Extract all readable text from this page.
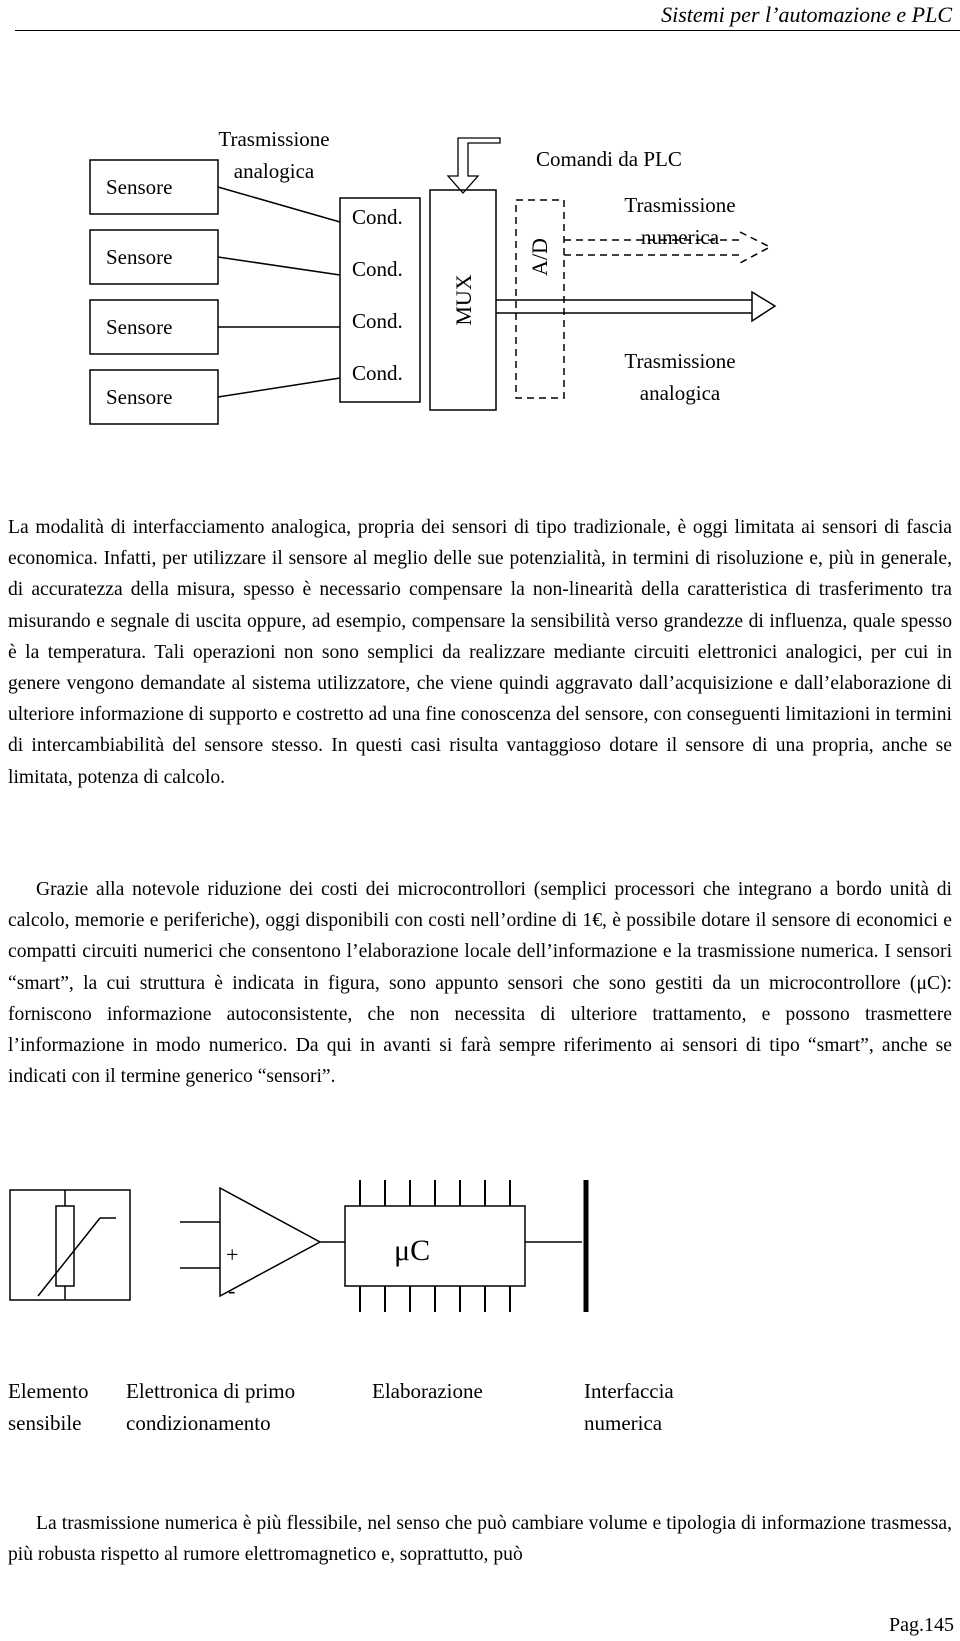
Sistemi per l’automazione e PLC
Sensore
Sensore
Sensore
Sensore
Trasmissione
analogica
Cond.
Cond.
Cond.
Cond.
MUX
A/D
Comandi da PLC
Trasmissione
numerica
Trasmissione
analogica

La modalità di interfacciamento analogica, propria dei sensori di tipo tradizionale, è oggi limitata ai sensori di fascia economica. Infatti, per utilizzare il sensore al meglio delle sue potenzialità, in termini di risoluzione e, più in generale, di accuratezza della misura, spesso è necessario compensare la non-linearità della caratteristica di trasferimento tra misurando e segnale di uscita oppure, ad esempio, compensare la sensibilità verso grandezze di influenza, quale spesso è la temperatura. Tali operazioni non sono semplici da realizzare mediante circuiti elettronici analogici, per cui in genere vengono demandate al sistema utilizzatore, che viene quindi aggravato dall’acquisizione e dall’elaborazione di ulteriore informazione di supporto e costretto ad una fine conoscenza del sensore, con conseguenti limitazioni in termini di intercambiabilità del sensore stesso. In questi casi risulta vantaggioso dotare il sensore di una propria, anche se limitata, potenza di calcolo.

Grazie alla notevole riduzione dei costi dei microcontrollori (semplici processori che integrano a bordo unità di calcolo, memorie e periferiche), oggi disponibili con costi nell’ordine di 1€, è possibile dotare il sensore di economici e compatti circuiti numerici che consentono l’elaborazione locale dell’informazione e la trasmissione numerica. I sensori “smart”, la cui struttura è indicata in figura, sono appunto sensori che sono gestiti da un microcontrollore (μC): forniscono informazione autoconsistente, che non necessita di ulteriore trattamento, e possono trasmettere l’informazione in modo numerico. Da qui in avanti si farà sempre riferimento ai sensori di tipo “smart”, anche se indicati con il termine generico “sensori”.

+
-
μC
Elemento
sensibile
Elettronica di primo
condizionamento
Elaborazione	Interfaccia
numerica

La trasmissione numerica è più flessibile, nel senso che può cambiare volume e tipologia di informazione trasmessa, più robusta rispetto al rumore elettromagnetico e, soprattutto, può

Pag.145
